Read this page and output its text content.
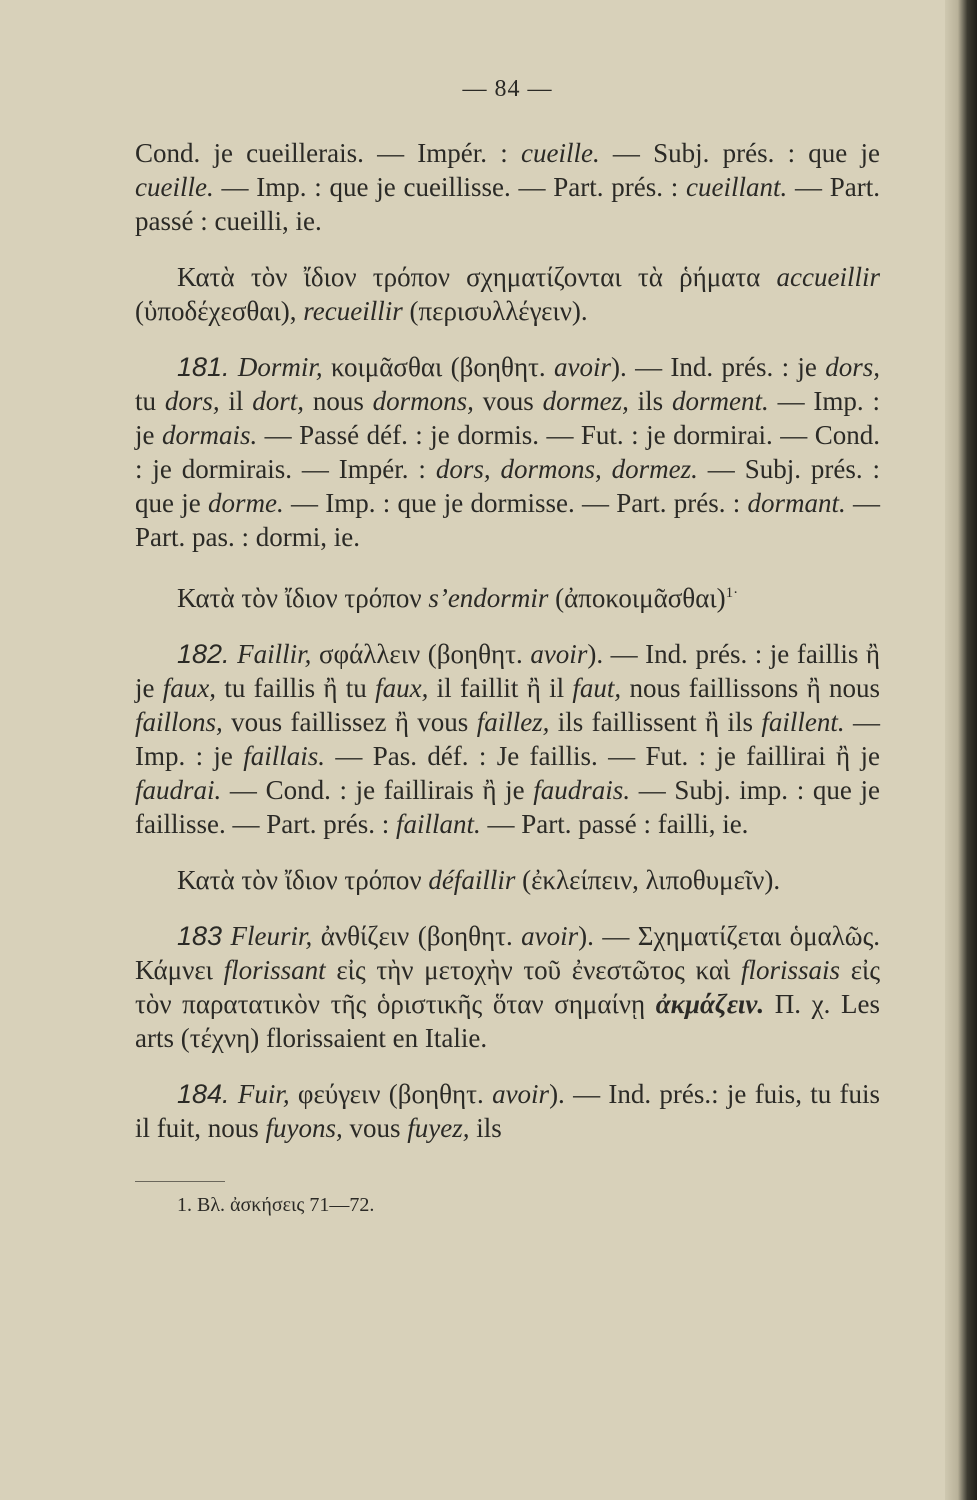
— 84 —

Cond. je cueillerais. — Impér. : cueille. — Subj. prés. : que je cueille. — Imp. : que je cueillisse. — Part. prés. : cueillant. — Part. passé : cueilli, ie.

Κατὰ τὸν ἴδιον τρόπον σχηματίζονται τὰ ῥήματα accueillir (ὑποδέχεσθαι), recueillir (περισυλλέγειν).

181. Dormir, κοιμᾶσθαι (βοηθητ. avoir). — Ind. prés. : je dors, tu dors, il dort, nous dormons, vous dormez, ils dorment. — Imp. : je dormais. — Passé déf. : je dormis. — Fut. : je dormirai. — Cond. : je dormirais. — Impér. : dors, dormons, dormez. — Subj. prés. : que je dorme. — Imp. : que je dormisse. — Part. prés. : dormant. — Part. pas. : dormi, ie.

Κατὰ τὸν ἴδιον τρόπον s’endormir (ἀποκοιμᾶσθαι)$^{1\cdot}$

182. Faillir, σφάλλειν (βοηθητ. avoir). — Ind. prés. : je faillis ἢ je faux, tu faillis ἢ tu faux, il faillit ἢ il faut, nous faillissons ἢ nous faillons, vous faillissez ἢ vous faillez, ils faillissent ἢ ils faillent. — Imp. : je faillais. — Pas. déf. : Je faillis. — Fut. : je faillirai ἢ je faudrai. — Cond. : je faillirais ἢ je faudrais. — Subj. imp. : que je faillisse. — Part. prés. : faillant. — Part. passé : failli, ie.

Κατὰ τὸν ἴδιον τρόπον défaillir (ἐκλείπειν, λιποθυμεῖν).

183 Fleurir, ἀνθίζειν (βοηθητ. avoir). — Σχηματίζεται ὁμαλῶς. Κάμνει florissant εἰς τὴν μετοχὴν τοῦ ἐνεστῶτος καὶ florissais εἰς τὸν παρατατικὸν τῆς ὁριστικῆς ὅταν σημαίνῃ ἀκμάζειν. Π. χ. Les arts (τέχνη) florissaient en Italie.

184. Fuir, φεύγειν (βοηθητ. avoir). — Ind. prés.: je fuis, tu fuis il fuit, nous fuyons, vous fuyez, ils

1. Βλ. ἀσκήσεις 71—72.
